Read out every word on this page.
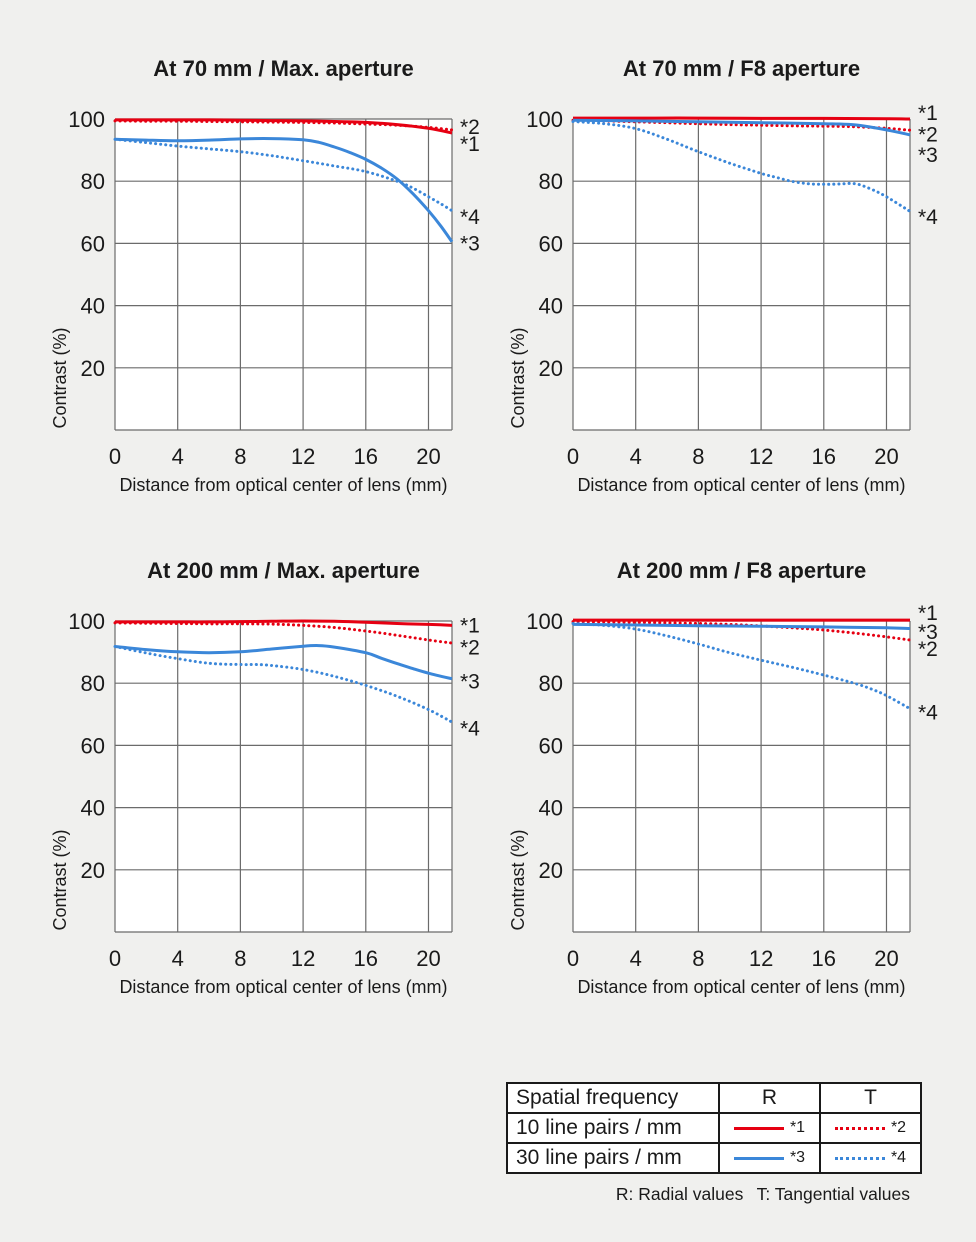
*1
*2
*3
*4
At 70 mm / Max. aperture
100
80
60
40
20
0 4 8 12 16 20
Distance from optical center of lens (mm)
Contrast (%)
*1
*2
*3
*4
At 70 mm / F8 aperture
100
80
60
40
20
0 4 8 12 16 20
Distance from optical center of lens (mm)
Contrast (%)
*1
*2
*3
*4
At 200 mm / Max. aperture
100
80
60
40
20
0 4 8 12 16 20
Distance from optical center of lens (mm)
Contrast (%)
*1
*2
*3
*4
At 200 mm / F8 aperture
100
80
60
40
20
0 4 8 12 16 20
Distance from optical center of lens (mm)
Contrast (%)
Spatial frequency	R	T
10 line pairs / mm	*1	*2

30 line pairs / mm	*3	*4
R: Radial values  T: Tangential values
